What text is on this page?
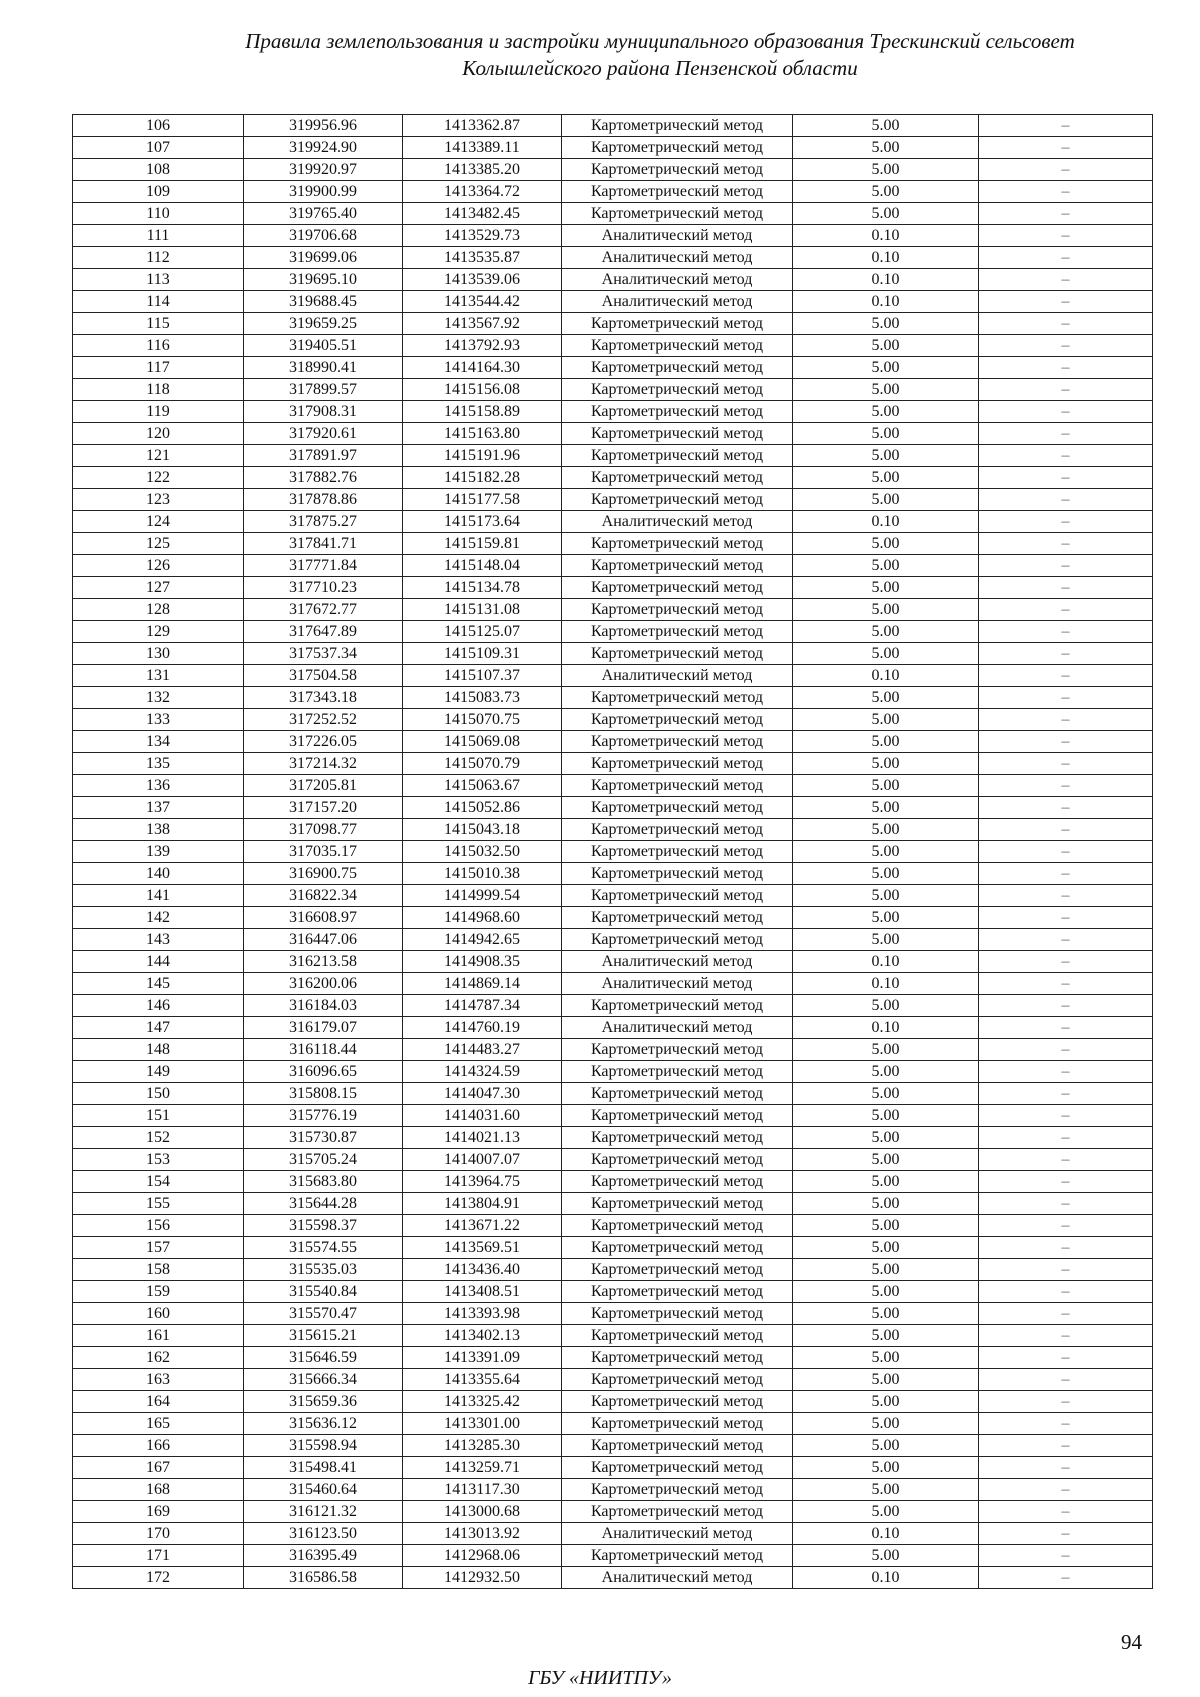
Правила землепользования и застройки муниципального образования Трескинский сельсовет
Колышлейского района Пензенской области
106	319956.96	1413362.87	Картометрический метод	5.00	–
107	319924.90	1413389.11	Картометрический метод	5.00	–
108	319920.97	1413385.20	Картометрический метод	5.00	–
109	319900.99	1413364.72	Картометрический метод	5.00	–
110	319765.40	1413482.45	Картометрический метод	5.00	–
111	319706.68	1413529.73	Аналитический метод	0.10	–
112	319699.06	1413535.87	Аналитический метод	0.10	–
113	319695.10	1413539.06	Аналитический метод	0.10	–
114	319688.45	1413544.42	Аналитический метод	0.10	–
115	319659.25	1413567.92	Картометрический метод	5.00	–
116	319405.51	1413792.93	Картометрический метод	5.00	–
117	318990.41	1414164.30	Картометрический метод	5.00	–
118	317899.57	1415156.08	Картометрический метод	5.00	–
119	317908.31	1415158.89	Картометрический метод	5.00	–
120	317920.61	1415163.80	Картометрический метод	5.00	–
121	317891.97	1415191.96	Картометрический метод	5.00	–
122	317882.76	1415182.28	Картометрический метод	5.00	–
123	317878.86	1415177.58	Картометрический метод	5.00	–
124	317875.27	1415173.64	Аналитический метод	0.10	–
125	317841.71	1415159.81	Картометрический метод	5.00	–
126	317771.84	1415148.04	Картометрический метод	5.00	–
127	317710.23	1415134.78	Картометрический метод	5.00	–
128	317672.77	1415131.08	Картометрический метод	5.00	–
129	317647.89	1415125.07	Картометрический метод	5.00	–
130	317537.34	1415109.31	Картометрический метод	5.00	–
131	317504.58	1415107.37	Аналитический метод	0.10	–
132	317343.18	1415083.73	Картометрический метод	5.00	–
133	317252.52	1415070.75	Картометрический метод	5.00	–
134	317226.05	1415069.08	Картометрический метод	5.00	–
135	317214.32	1415070.79	Картометрический метод	5.00	–
136	317205.81	1415063.67	Картометрический метод	5.00	–
137	317157.20	1415052.86	Картометрический метод	5.00	–
138	317098.77	1415043.18	Картометрический метод	5.00	–
139	317035.17	1415032.50	Картометрический метод	5.00	–
140	316900.75	1415010.38	Картометрический метод	5.00	–
141	316822.34	1414999.54	Картометрический метод	5.00	–
142	316608.97	1414968.60	Картометрический метод	5.00	–
143	316447.06	1414942.65	Картометрический метод	5.00	–
144	316213.58	1414908.35	Аналитический метод	0.10	–
145	316200.06	1414869.14	Аналитический метод	0.10	–
146	316184.03	1414787.34	Картометрический метод	5.00	–
147	316179.07	1414760.19	Аналитический метод	0.10	–
148	316118.44	1414483.27	Картометрический метод	5.00	–
149	316096.65	1414324.59	Картометрический метод	5.00	–
150	315808.15	1414047.30	Картометрический метод	5.00	–
151	315776.19	1414031.60	Картометрический метод	5.00	–
152	315730.87	1414021.13	Картометрический метод	5.00	–
153	315705.24	1414007.07	Картометрический метод	5.00	–
154	315683.80	1413964.75	Картометрический метод	5.00	–
155	315644.28	1413804.91	Картометрический метод	5.00	–
156	315598.37	1413671.22	Картометрический метод	5.00	–
157	315574.55	1413569.51	Картометрический метод	5.00	–
158	315535.03	1413436.40	Картометрический метод	5.00	–
159	315540.84	1413408.51	Картометрический метод	5.00	–
160	315570.47	1413393.98	Картометрический метод	5.00	–
161	315615.21	1413402.13	Картометрический метод	5.00	–
162	315646.59	1413391.09	Картометрический метод	5.00	–
163	315666.34	1413355.64	Картометрический метод	5.00	–
164	315659.36	1413325.42	Картометрический метод	5.00	–
165	315636.12	1413301.00	Картометрический метод	5.00	–
166	315598.94	1413285.30	Картометрический метод	5.00	–
167	315498.41	1413259.71	Картометрический метод	5.00	–
168	315460.64	1413117.30	Картометрический метод	5.00	–
169	316121.32	1413000.68	Картометрический метод	5.00	–
170	316123.50	1413013.92	Аналитический метод	0.10	–
171	316395.49	1412968.06	Картометрический метод	5.00	–
172	316586.58	1412932.50	Аналитический метод	0.10	–
94
ГБУ «НИИТПУ»
